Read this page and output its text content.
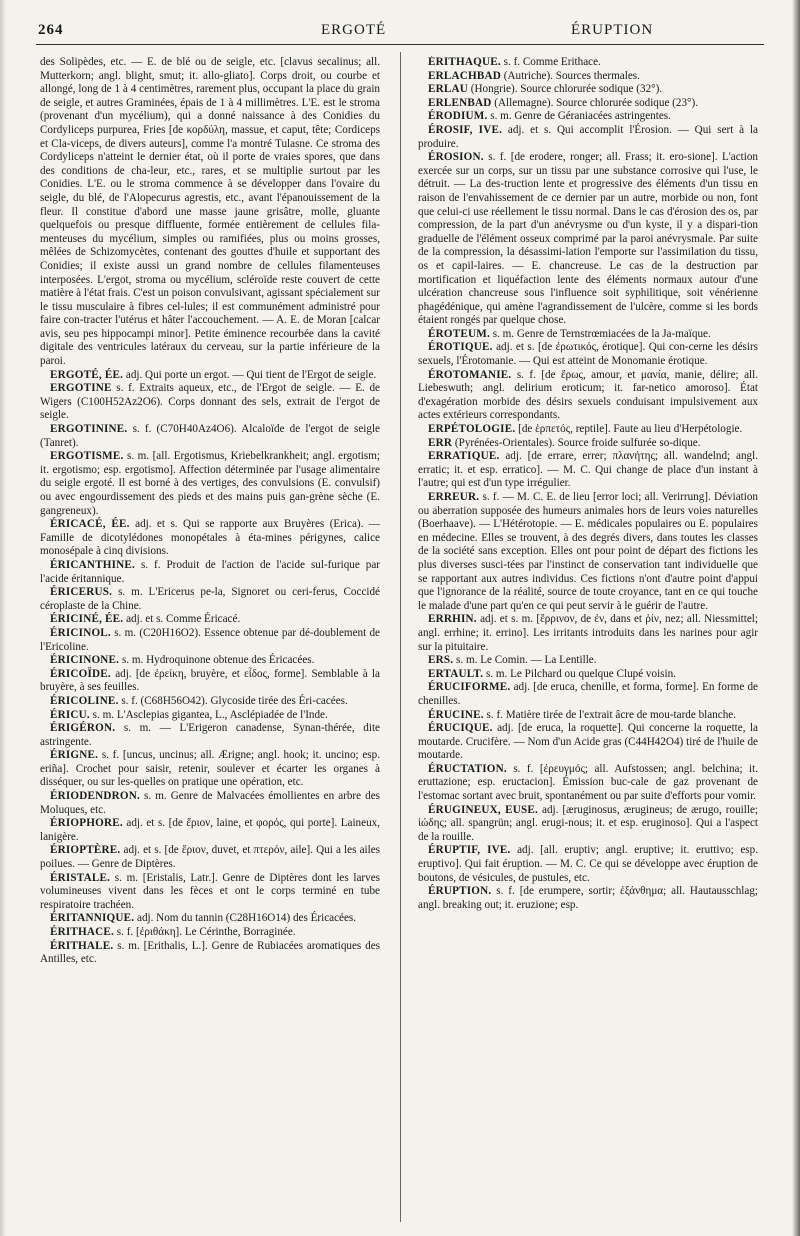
264	ERGOTÉ	ÉRUPTION

des Solipèdes, etc. — E. de blé ou de seigle, etc. [clavus secalinus; all. Mutterkorn; angl. blight, smut; it. allo-gliato]. Corps droit, ou courbe et allongé, long de 1 à 4 centimètres, rarement plus, occupant la place du grain de seigle, et autres Graminées, épais de 1 à 4 millimètres. L'E. est le stroma (provenant d'un mycélium), qui a donné naissance à des Conidies du Cordyliceps purpurea, Fries [de κορδύλη, massue, et caput, tête; Cordiceps et Cla-viceps, de divers auteurs], comme l'a montré Tulasne. Ce stroma des Cordyliceps n'atteint le dernier état, où il porte de vraies spores, que dans des conditions de cha-leur, etc., rares, et se multiplie surtout par les Conidies. L'E. ou le stroma commence à se développer dans l'ovaire du seigle, du blé, de l'Alopecurus agrestis, etc., avant l'épanouissement de la fleur. Il constitue d'abord une masse jaune grisâtre, molle, gluante quelquefois ou presque diffluente, formée entièrement de cellules fila-menteuses du mycélium, simples ou ramifiées, plus ou moins grosses, mêlées de Schizomycètes, contenant des gouttes d'huile et supportant des Conidies; il existe aussi un grand nombre de cellules filamenteuses interposées. L'ergot, stroma ou mycélium, scléroïde reste couvert de cette matière à l'état frais. C'est un poison convulsivant, agissant spécialement sur le tissu musculaire à fibres cel-lules; il est communément administré pour faire con-tracter l'utérus et hâter l'accouchement. — A. E. de Moran [calcar avis, seu pes hippocampi minor]. Petite éminence recourbée dans la cavité digitale des ventricules latéraux du cerveau, sur la partie inférieure de la paroi.

ERGOTÉ, ÉE. adj. Qui porte un ergot. — Qui tient de l'Ergot de seigle.

ERGOTINE s. f. Extraits aqueux, etc., de l'Ergot de seigle. — E. de Wigers (C100H52Az2O6). Corps donnant des sels, extrait de l'ergot de seigle.

ERGOTININE. s. f. (C70H40Az4O6). Alcaloïde de l'ergot de seigle (Tanret).

ERGOTISME. s. m. [all. Ergotismus, Kriebelkrankheit; angl. ergotism; it. ergotismo; esp. ergotismo]. Affection déterminée par l'usage alimentaire du seigle ergoté. Il est borné à des vertiges, des convulsions (E. convulsif) ou avec engourdissement des pieds et des mains puis gan-grène sèche (E. gangreneux).

ÉRICACÉ, ÉE. adj. et s. Qui se rapporte aux Bruyères (Erica). — Famille de dicotylédones monopétales à éta-mines périgynes, calice monosépale à cinq divisions.

ÉRICANTHINE. s. f. Produit de l'action de l'acide sul-furique par l'acide éritannique.

ÉRICERUS. s. m. L'Ericerus pe-la, Signoret ou ceri-ferus, Coccidé céroplaste de la Chine.

ÉRICINÉ, ÉE. adj. et s. Comme Éricacé.

ÉRICINOL. s. m. (C20H16O2). Essence obtenue par dé-doublement de l'Ericoline.

ÉRICINONE. s. m. Hydroquinone obtenue des Éricacées.

ÉRICOÏDE. adj. [de ἐρείκη, bruyère, et εἶδος, forme]. Semblable à la bruyère, à ses feuilles.

ÉRICOLINE. s. f. (C68H56O42). Glycoside tirée des Éri-cacées.

ÉRICU. s. m. L'Asclepias gigantea, L., Asclépiadée de l'Inde.

ÉRIGÉRON. s. m. — L'Erigeron canadense, Synan-thérée, dite astringente.

ÉRIGNE. s. f. [uncus, uncinus; all. Ærigne; angl. hook; it. uncino; esp. eriña]. Crochet pour saisir, retenir, soulever et écarter les organes à disséquer, ou sur les-quelles on pratique une opération, etc.

ÉRIODENDRON. s. m. Genre de Malvacées émollientes en arbre des Moluques, etc.

ÉRIOPHORE. adj. et s. [de ἔριον, laine, et φορός, qui porte]. Laineux, lanigère.

ÉRIOPTÈRE. adj. et s. [de ἔριον, duvet, et πτερόν, aile]. Qui a les ailes poilues. — Genre de Diptères.

ÉRISTALE. s. m. [Eristalis, Latr.]. Genre de Diptères dont les larves volumineuses vivent dans les fèces et ont le corps terminé en tube respiratoire trachéen.

ÉRITANNIQUE. adj. Nom du tannin (C28H16O14) des Éricacées.

ÉRITHACE. s. f. [ἐριθάκη]. Le Cérinthe, Borraginée.

ÉRITHALE. s. m. [Erithalis, L.]. Genre de Rubiacées aromatiques des Antilles, etc.

ÉRITHAQUE. s. f. Comme Erithace.

ERLACHBAD (Autriche). Sources thermales.

ERLAU (Hongrie). Source chlorurée sodique (32°).

ERLENBAD (Allemagne). Source chlorurée sodique (23°).

ÉRODIUM. s. m. Genre de Géraniacées astringentes.

ÉROSIF, IVE. adj. et s. Qui accomplit l'Érosion. — Qui sert à la produire.

ÉROSION. s. f. [de erodere, ronger; all. Frass; it. ero-sione]. L'action exercée sur un corps, sur un tissu par une substance corrosive qui l'use, le détruit. — La des-truction lente et progressive des éléments d'un tissu en raison de l'envahissement de ce dernier par un autre, morbide ou non, font que celui-ci use réellement le tissu normal. Dans le cas d'érosion des os, par compression, de la part d'un anévrysme ou d'un kyste, il y a dispari-tion graduelle de l'élément osseux comprimé par la paroi anévrysmale. Par suite de la compression, la désassimi-lation l'emporte sur l'assimilation du tissu, os et capil-laires. — E. chancreuse. Le cas de la destruction par mortification et liquéfaction lente des éléments normaux autour d'une ulcération chancreuse sous l'influence soit syphilitique, soit vénérienne phagédénique, qui amène l'agrandissement de l'ulcère, comme si les bords étaient rongés par quelque chose.

ÉROTEUM. s. m. Genre de Ternstrœmiacées de la Ja-maïque.

ÉROTIQUE. adj. et s. [de ἐρωτικός, érotique]. Qui con-cerne les désirs sexuels, l'Érotomanie. — Qui est atteint de Monomanie érotique.

ÉROTOMANIE. s. f. [de ἔρως, amour, et μανία, manie, délire; all. Liebeswuth; angl. delirium eroticum; it. far-netico amoroso]. État d'exagération morbide des désirs sexuels conduisant impulsivement aux actes extérieurs correspondants.

ERPÉTOLOGIE. [de ἑρπετός, reptile]. Faute au lieu d'Herpétologie.

ERR (Pyrénées-Orientales). Source froide sulfurée so-dique.

ERRATIQUE. adj. [de errare, errer; πλανήτης; all. wandelnd; angl. erratic; it. et esp. erratico]. — M. C. Qui change de place d'un instant à l'autre; qui est d'un type irrégulier.

ERREUR. s. f. — M. C. E. de lieu [error loci; all. Verirrung]. Déviation ou aberration supposée des humeurs animales hors de leurs voies naturelles (Boerhaave). — L'Hétérotopie. — E. médicales populaires ou E. populaires en médecine. Elles se trouvent, à des degrés divers, dans toutes les classes de la société sans exception. Elles ont pour point de départ des fictions les plus diverses susci-tées par l'instinct de conservation tant individuelle que se rapportant aux autres individus. Ces fictions n'ont d'autre point d'appui que l'ignorance de la réalité, source de toute croyance, tant en ce qui touche le malade d'une part qu'en ce qui peut servir à le guérir de l'autre.

ERRHIN. adj. et s. m. [ἔρρινον, de ἐν, dans et ῥίν, nez; all. Niessmittel; angl. errhine; it. errino]. Les irritants introduits dans les narines pour agir sur la pituitaire.

ERS. s. m. Le Comin. — La Lentille.

ERTAULT. s. m. Le Pilchard ou quelque Clupé voisin.

ÉRUCIFORME. adj. [de eruca, chenille, et forma, forme]. En forme de chenilles.

ÉRUCINE. s. f. Matière tirée de l'extrait âcre de mou-tarde blanche.

ÉRUCIQUE. adj. [de eruca, la roquette]. Qui concerne la roquette, la moutarde. Crucifère. — Nom d'un Acide gras (C44H42O4) tiré de l'huile de moutarde.

ÉRUCTATION. s. f. [ἐρευγμός; all. Aufstossen; angl. belchina; it. eruttazione; esp. eructacion]. Émission buc-cale de gaz provenant de l'estomac sortant avec bruit, spontanément ou par suite d'efforts pour vomir.

ÉRUGINEUX, EUSE. adj. [æruginosus, ærugineus; de ærugo, rouille; ἰώδης; all. spangrün; angl. erugi-nous; it. et esp. eruginoso]. Qui a l'aspect de la rouille.

ÉRUPTIF, IVE. adj. [all. eruptiv; angl. eruptive; it. eruttivo; esp. eruptivo]. Qui fait éruption. — M. C. Ce qui se développe avec éruption de boutons, de vésicules, de pustules, etc.

ÉRUPTION. s. f. [de erumpere, sortir; ἐξάνθημα; all. Hautausschlag; angl. breaking out; it. eruzione; esp.
